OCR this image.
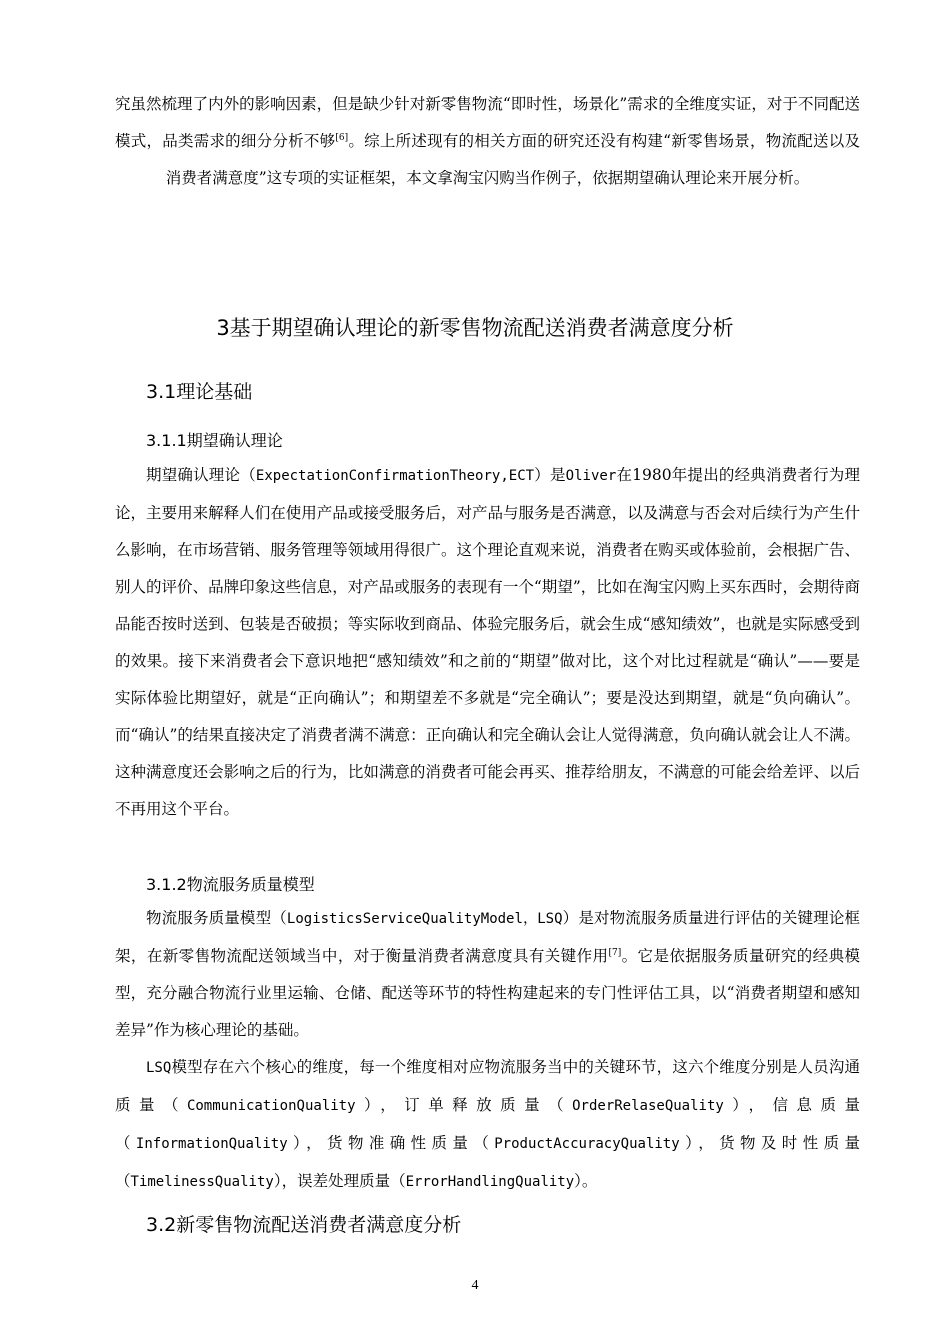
究虽然梳理了内外的影响因素，但是缺少针对新零售物流“即时性，场景化”需求的全维度实证，对于不同配送模式，品类需求的细分分析不够[6]。综上所述现有的相关方面的研究还没有构建“新零售场景，物流配送以及消费者满意度”这专项的实证框架，本文拿淘宝闪购当作例子，依据期望确认理论来开展分析。

3基于期望确认理论的新零售物流配送消费者满意度分析
3.1理论基础
3.1.1期望确认理论

期望确认理论（ExpectationConfirmationTheory,ECT）是Oliver在1980年提出的经典消费者行为理论，主要用来解释人们在使用产品或接受服务后，对产品与服务是否满意，以及满意与否会对后续行为产生什么影响，在市场营销、服务管理等领域用得很广。这个理论直观来说，消费者在购买或体验前，会根据广告、别人的评价、品牌印象这些信息，对产品或服务的表现有一个“期望”，比如在淘宝闪购上买东西时，会期待商品能否按时送到、包装是否破损；等实际收到商品、体验完服务后，就会生成“感知绩效”，也就是实际感受到的效果。接下来消费者会下意识地把“感知绩效”和之前的“期望”做对比，这个对比过程就是“确认”——要是实际体验比期望好，就是“正向确认”；和期望差不多就是“完全确认”；要是没达到期望，就是“负向确认”。而“确认”的结果直接决定了消费者满不满意：正向确认和完全确认会让人觉得满意，负向确认就会让人不满。这种满意度还会影响之后的行为，比如满意的消费者可能会再买、推荐给朋友，不满意的可能会给差评、以后不再用这个平台。

3.1.2物流服务质量模型

物流服务质量模型（LogisticsServiceQualityModel，LSQ）是对物流服务质量进行评估的关键理论框架，在新零售物流配送领域当中，对于衡量消费者满意度具有关键作用[7]。它是依据服务质量研究的经典模型，充分融合物流行业里运输、仓储、配送等环节的特性构建起来的专门性评估工具，以“消费者期望和感知差异”作为核心理论的基础。

LSQ模型存在六个核心的维度，每一个维度相对应物流服务当中的关键环节，这六个维度分别是人员沟通质量（CommunicationQuality），订单释放质量（OrderRelaseQuality），信息质量（InformationQuality），货物准确性质量（ProductAccuracyQuality），货物及时性质量（TimelinessQuality），误差处理质量（ErrorHandlingQuality）。

3.2新零售物流配送消费者满意度分析
4
